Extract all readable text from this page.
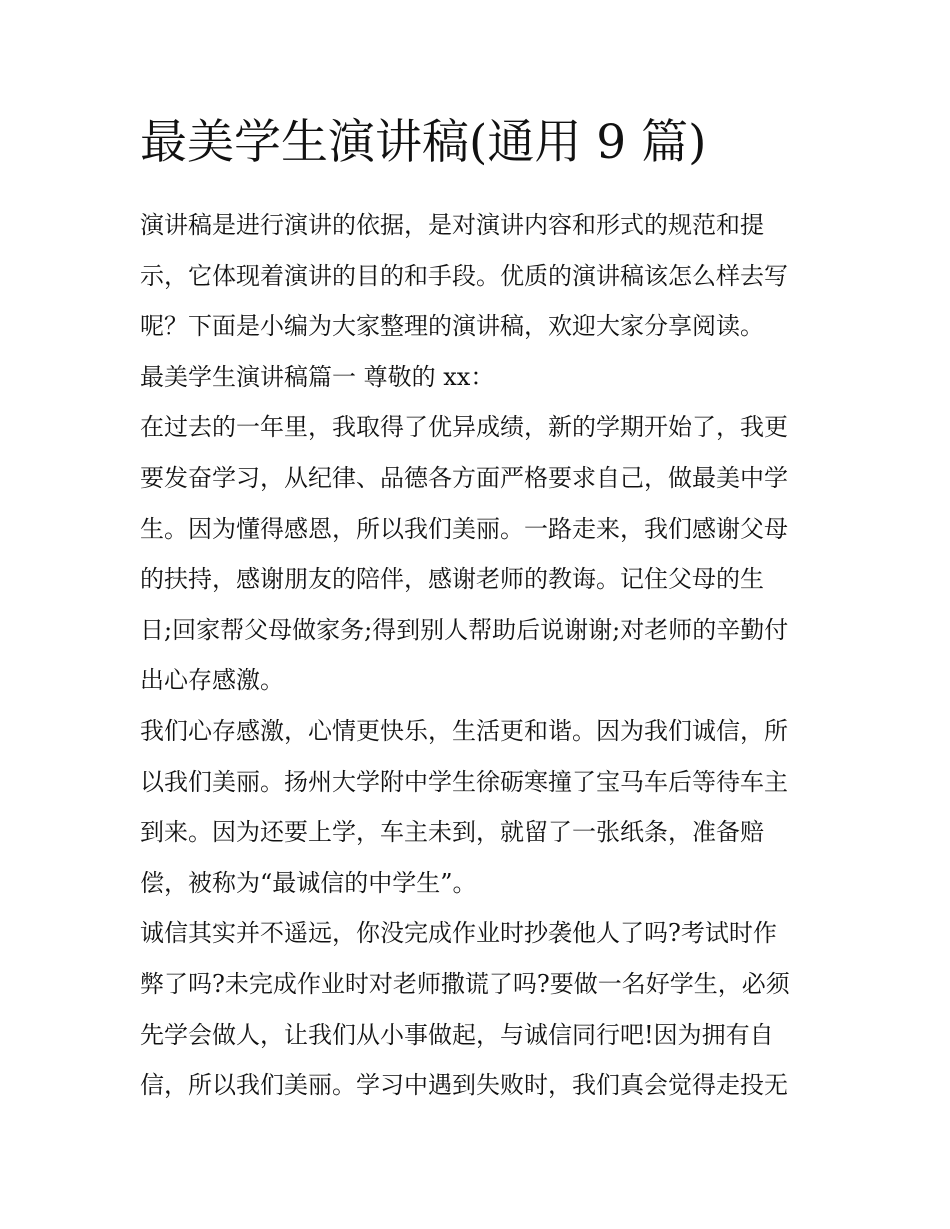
最美学生演讲稿(通用 9 篇)
演讲稿是进行演讲的依据，是对演讲内容和形式的规范和提
示，它体现着演讲的目的和手段。优质的演讲稿该怎么样去写
呢？下面是小编为大家整理的演讲稿，欢迎大家分享阅读。
最美学生演讲稿篇一 尊敬的 xx：
在过去的一年里，我取得了优异成绩，新的学期开始了，我更
要发奋学习，从纪律、品德各方面严格要求自己，做最美中学
生。因为懂得感恩，所以我们美丽。一路走来，我们感谢父母
的扶持，感谢朋友的陪伴，感谢老师的教诲。记住父母的生
日;回家帮父母做家务;得到别人帮助后说谢谢;对老师的辛勤付
出心存感激。
我们心存感激，心情更快乐，生活更和谐。因为我们诚信，所
以我们美丽。扬州大学附中学生徐砺寒撞了宝马车后等待车主
到来。因为还要上学，车主未到，就留了一张纸条，准备赔
偿，被称为“最诚信的中学生”。
诚信其实并不遥远，你没完成作业时抄袭他人了吗?考试时作
弊了吗?未完成作业时对老师撒谎了吗?要做一名好学生，必须
先学会做人，让我们从小事做起，与诚信同行吧!因为拥有自
信，所以我们美丽。学习中遇到失败时，我们真会觉得走投无
